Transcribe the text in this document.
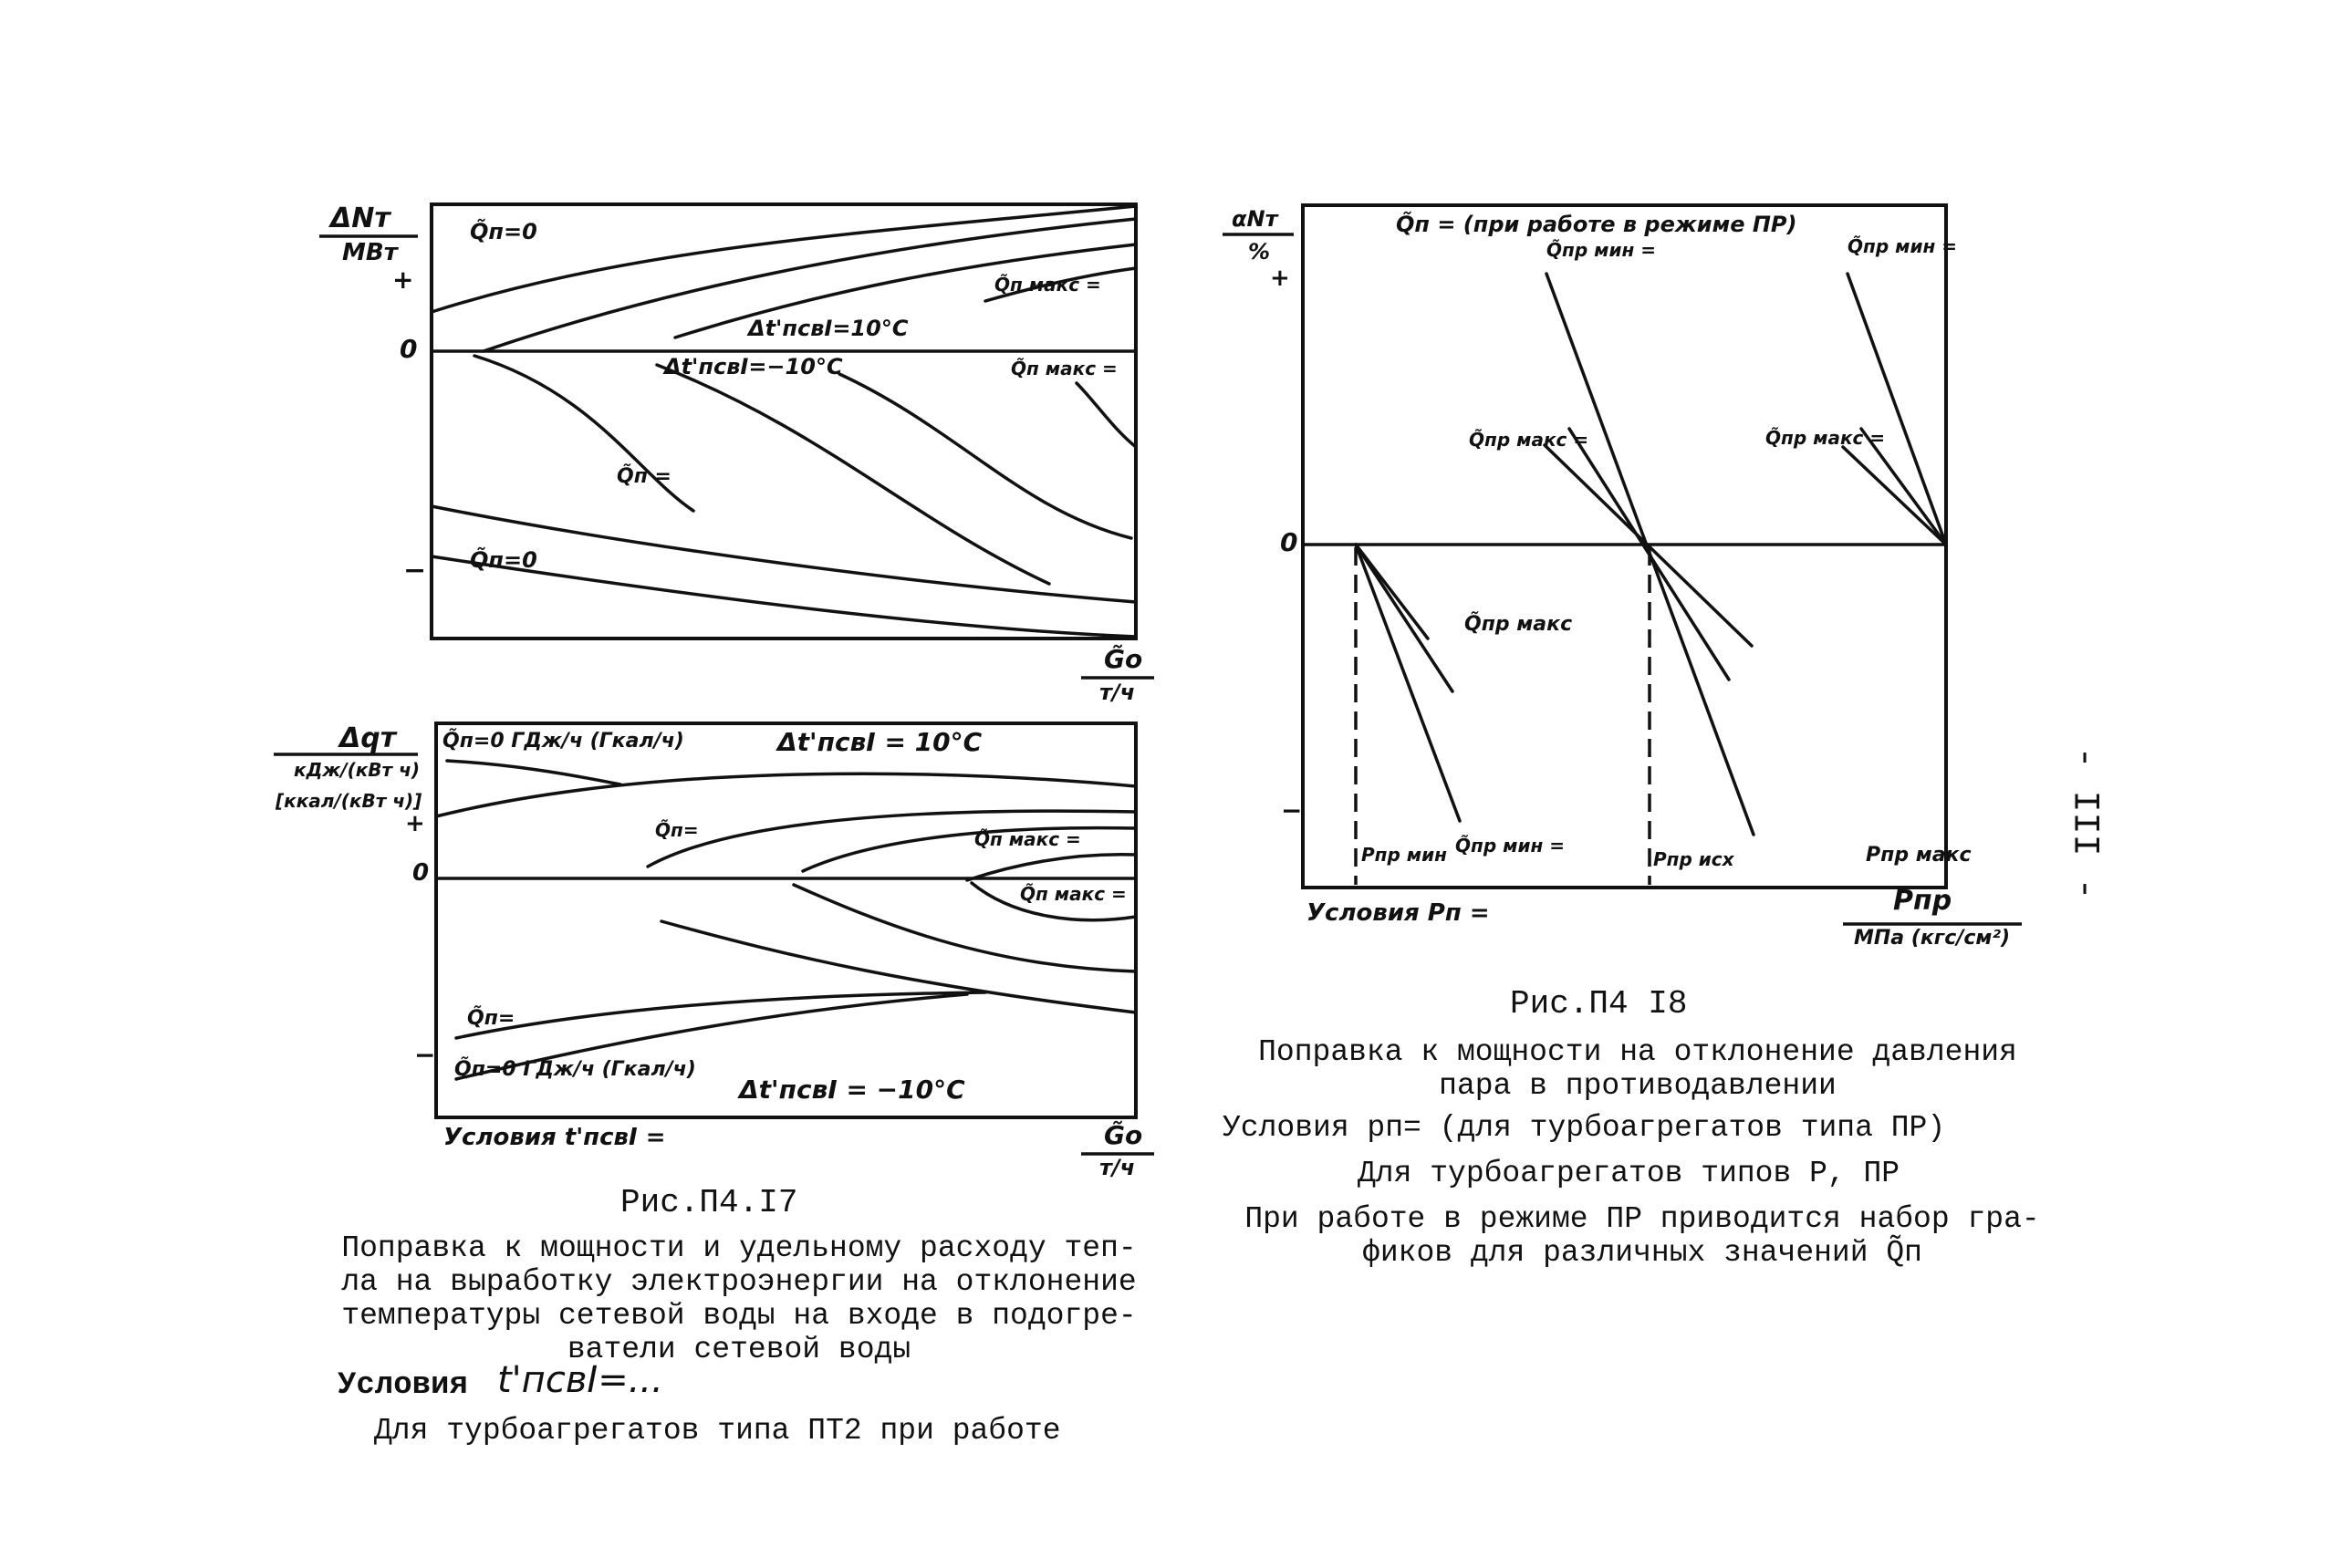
ΔNт
МВт
+
0
−
Q̃п=0
Δt'псвI=10°C
Q̃п макс =
Δt'псвI=−10°C	Q̃п макс =
Q̃п =
Q̃п=0
G̃o
т/ч
Δqт
кДж/(кВт ч)
[ккал/(кВт ч)]
+
0
−
Q̃п=0 ГДж/ч (Гкал/ч)	Δt'псвI = 10°C
Q̃п=	Q̃п макс =
Q̃п макс =
Q̃п=
Q̃п=0 ГДж/ч (Гкал/ч)
Δt'псвI = −10°C
Условия t'псвI =	G̃o
т/ч
Рис.П4.I7
Поправка к мощности и удельному расходу теп-
ла на выработку электроэнергии на отклонение
температуры сетевой воды на входе в подогре-
ватели сетевой воды
Условия t'псвI=...
Для турбоагрегатов типа ПТ2 при работе
αNт
%
+
0
−
Q̃п = (при работе в режиме ПР)
Q̃пр мин =	Q̃пр мин =
Q̃пр макс =	Q̃пр макс =
Q̃пр макс
Q̃пр мин =
Pпр мин	Pпр исх	Pпр макс
Условия Pп =	Pпр
МПа (кгс/см²)
Рис.П4 I8
Поправка к мощности на отклонение давления
пара в противодавлении
Условия pп= (для турбоагрегатов типа ПР)
Для турбоагрегатов типов Р, ПР
При работе в режиме ПР приводится набор гра-
фиков для различных значений Q̃п
- III -
